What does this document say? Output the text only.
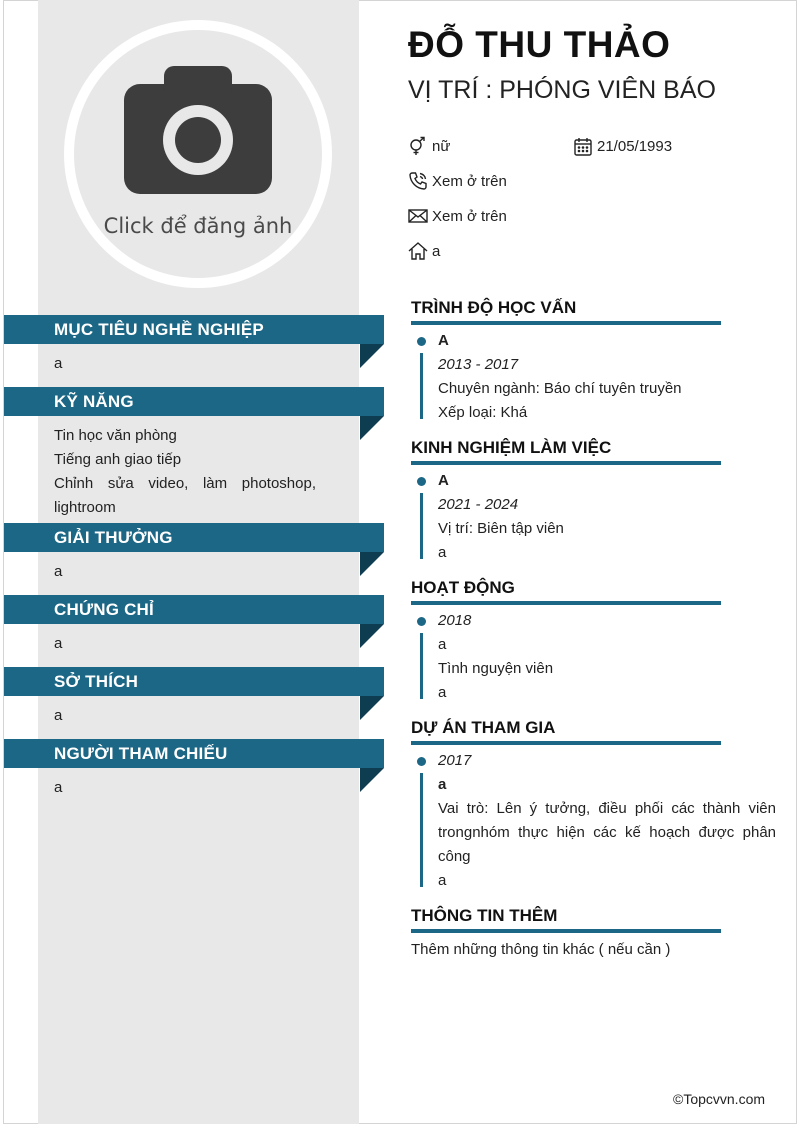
Click để đăng ảnh
MỤC TIÊU NGHỀ NGHIỆP
a
KỸ NĂNG
Tin học văn phòng
Tiếng anh giao tiếp
Chỉnh sửa video, làm photoshop, lightroom
GIẢI THƯỞNG
a
CHỨNG CHỈ
a
SỞ THÍCH
a
NGƯỜI THAM CHIẾU
a
ĐỖ THU THẢO
VỊ TRÍ : PHÓNG VIÊN BÁO
nữ	21/05/1993
Xem ở trên
Xem ở trên
a
TRÌNH ĐỘ HỌC VẤN
A
2013 - 2017
Chuyên ngành: Báo chí tuyên truyền
Xếp loại: Khá
KINH NGHIỆM LÀM VIỆC
A
2021 - 2024
Vị trí: Biên tập viên
a
HOẠT ĐỘNG
2018
a
Tình nguyện viên
a
DỰ ÁN THAM GIA
2017
a
Vai trò: Lên ý tưởng, điều phối các thành viên trongnhóm thực hiện các kế hoạch được phân công
a
THÔNG TIN THÊM
Thêm những thông tin khác ( nếu cần )
©Topcvvn.com
